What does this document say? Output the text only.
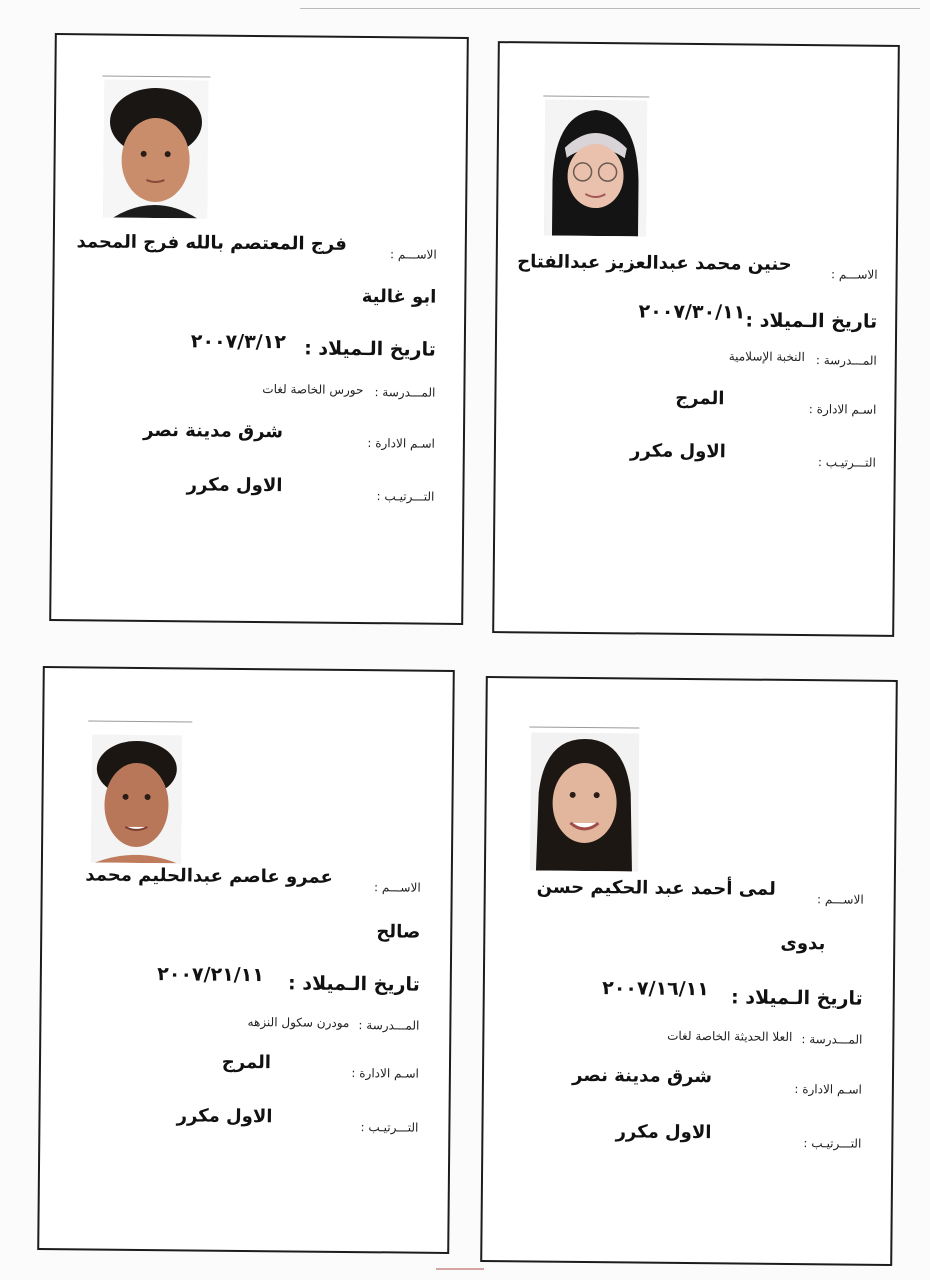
الاســـم :
حنين محمد عبدالعزيز عبدالفتاح
تاريخ الـميلاد :
٢٠٠٧/٣٠/١١
المـــدرسة :
النخبة الإسلامية
اسـم الادارة :
المرج
التـــرتيـب :
الاول مكرر
الاســـم :
فرج المعتصم بالله فرج المحمد
ابو غالية
تاريخ الـميلاد :
٢٠٠٧/٣/١٢
المـــدرسة :
حورس الخاصة لغات
اسـم الادارة :
شرق مدينة نصر
التـــرتيـب :
الاول مكرر
الاســـم :
لمى أحمد عبد الحكيم حسن
بدوى
تاريخ الـميلاد :
٢٠٠٧/١٦/١١
المـــدرسة :
العلا الحديثة الخاصة لغات
اسـم الادارة :
شرق مدينة نصر
التـــرتيـب :
الاول مكرر
الاســـم :
عمرو عاصم عبدالحليم محمد
صالح
تاريخ الـميلاد :
٢٠٠٧/٢١/١١
المـــدرسة :
مودرن سكول النزهه
اسـم الادارة :
المرج
التـــرتيـب :
الاول مكرر
